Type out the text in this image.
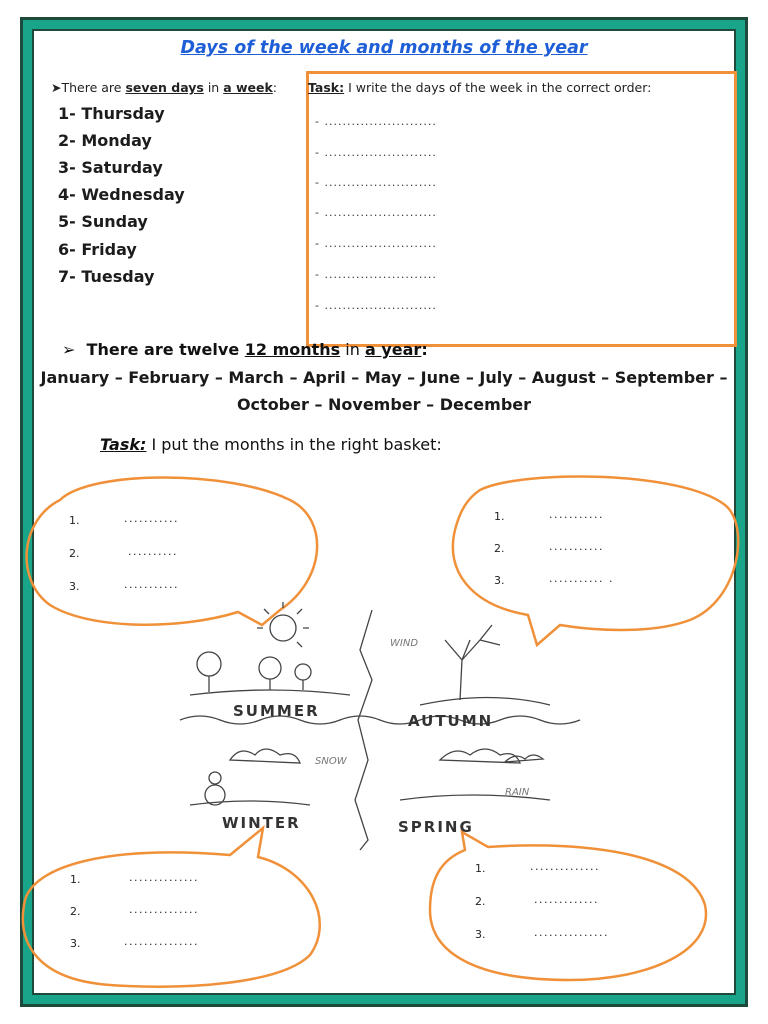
Days of the week and months of the year
➤There are seven days in a week:
1- Thursday
2- Monday
3- Saturday
4- Wednesday
5- Sunday
6- Friday
7- Tuesday
Task: I write the days of the week in the correct order:
- .........................
- .........................
- .........................
- .........................
- .........................
- .........................
- .........................
➢ There are twelve 12 months in a year:
January – February – March – April – May – June – July – August – September –
October – November – December
Task: I put the months in the right basket:
SUMMER
AUTUMN
WINTER	SPRING
WIND
SNOW
RAIN
1.	...........
2.	..........
3.	...........
1.	...........
2.	...........
3.	........... .
1.	..............
2.	..............
3.	...............
1.	..............
2.	.............
3.	...............
